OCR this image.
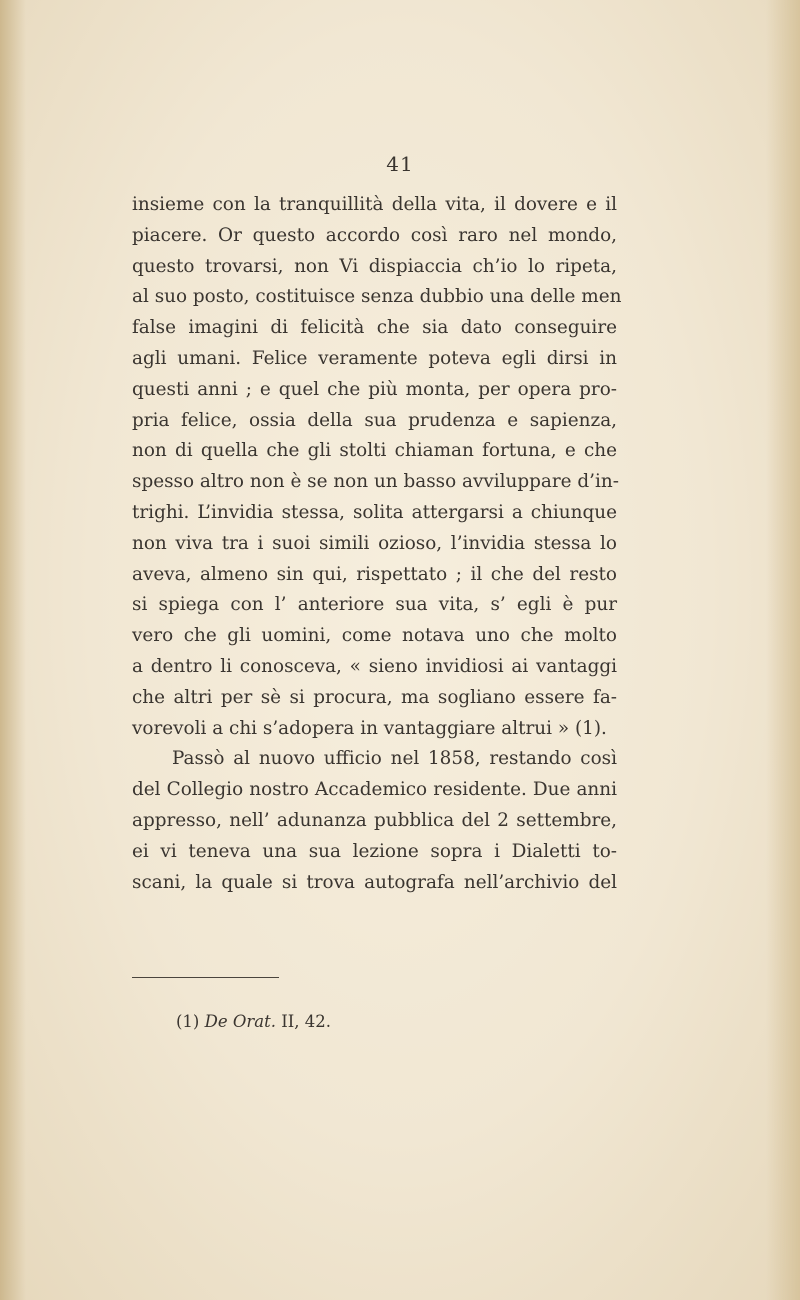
41
insieme con la tranquillità della vita, il dovere e il
piacere. Or questo accordo così raro nel mondo,
questo trovarsi, non Vi dispiaccia ch’io lo ripeta,
al suo posto, costituisce senza dubbio una delle men
false imagini di felicità che sia dato conseguire
agli umani. Felice veramente poteva egli dirsi in
questi anni ; e quel che più monta, per opera pro-
pria felice, ossia della sua prudenza e sapienza,
non di quella che gli stolti chiaman fortuna, e che
spesso altro non è se non un basso avvilupparе d’in-
trighi. L’invidia stessa, solita attergarsi a chiunque
non viva tra i suoi simili ozioso, l’invidia stessa lo
aveva, almeno sin qui, rispettato ; il che del resto
si spiega con l’ anteriore sua vita, s’ egli è pur
vero che gli uomini, come notava uno che molto
a dentro li conosceva, « sieno invidiosi ai vantaggi
che altri per sè si procura, ma sogliano essere fa-
vorevoli a chi s’adopera in vantaggiare altrui » (1).
Passò al nuovo ufficio nel 1858, restando così
del Collegio nostro Accademico residente. Due anni
appresso, nell’ adunanza pubblica del 2 settembre,
ei vi teneva una sua lezione sopra i Dialetti to-
scani, la quale si trova autografa nell’archivio del
(1) De Orat. II, 42.
